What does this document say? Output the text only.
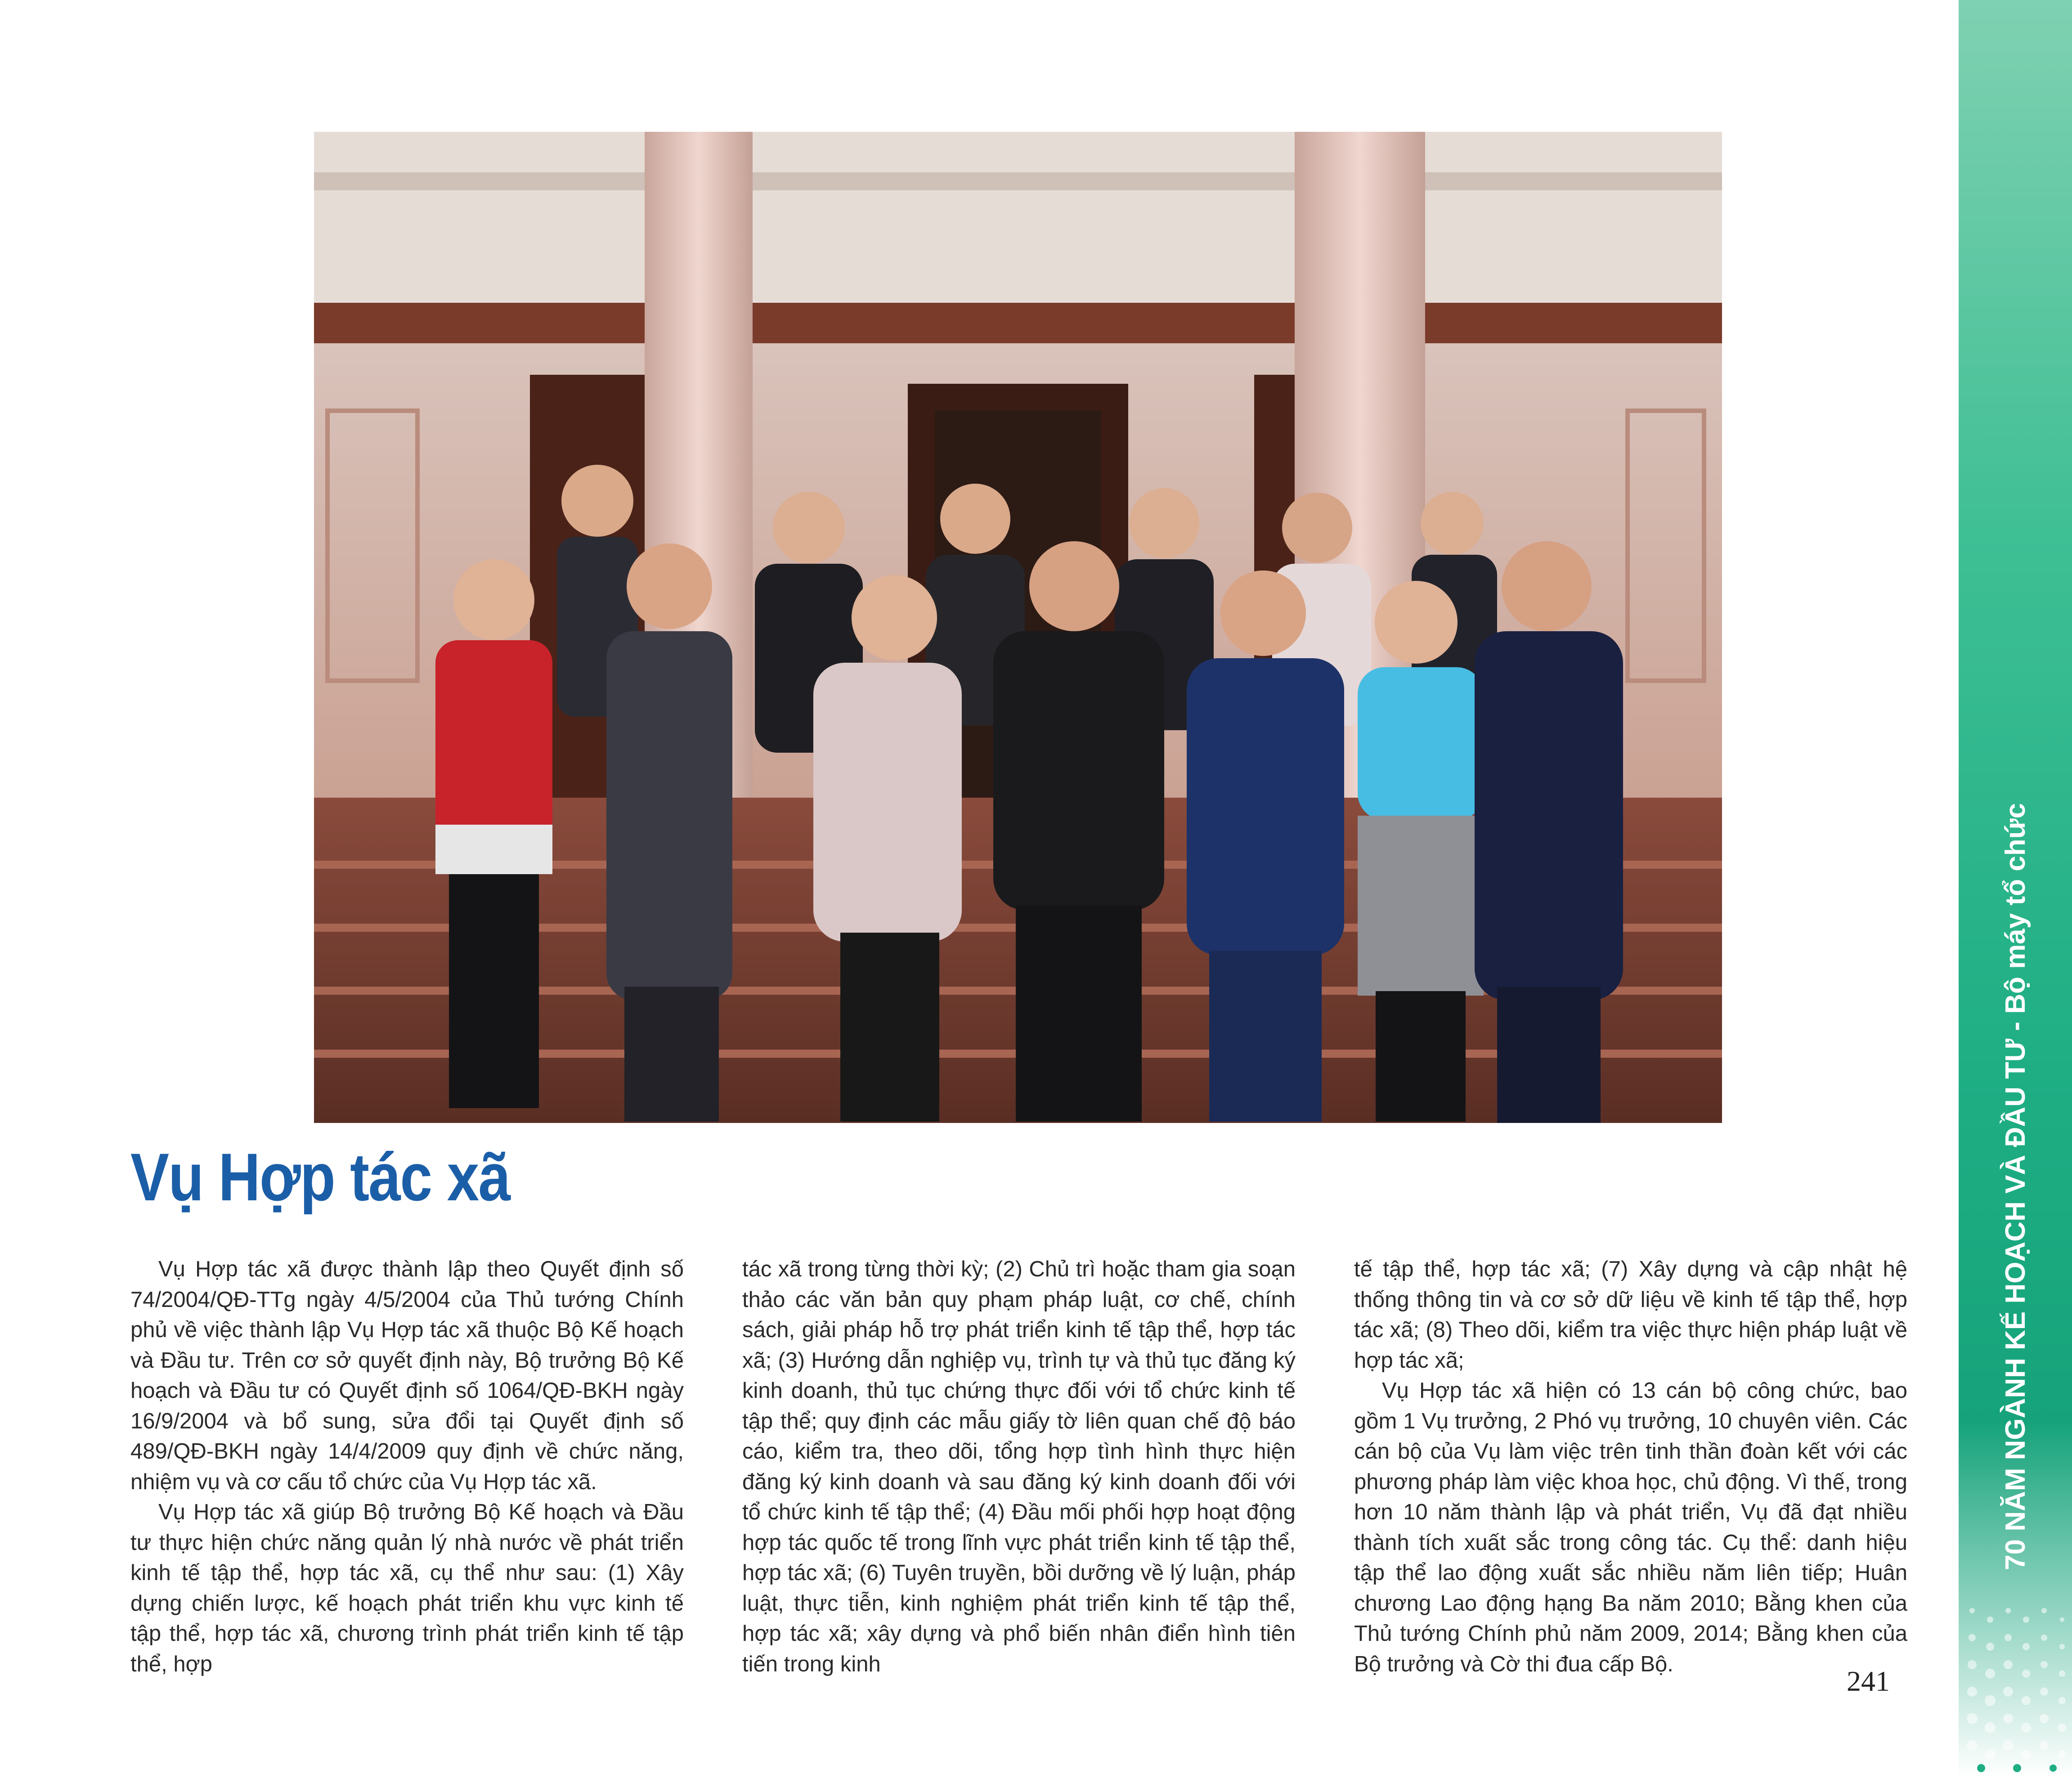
Vụ Hợp tác xã

Vụ Hợp tác xã được thành lập theo Quyết định số 74/2004/QĐ-TTg ngày 4/5/2004 của Thủ tướng Chính phủ về việc thành lập Vụ Hợp tác xã thuộc Bộ Kế hoạch và Đầu tư. Trên cơ sở quyết định này, Bộ trưởng Bộ Kế hoạch và Đầu tư có Quyết định số 1064/QĐ-BKH ngày 16/9/2004 và bổ sung, sửa đổi tại Quyết định số 489/QĐ-BKH ngày 14/4/2009 quy định về chức năng, nhiệm vụ và cơ cấu tổ chức của Vụ Hợp tác xã.

Vụ Hợp tác xã giúp Bộ trưởng Bộ Kế hoạch và Đầu tư thực hiện chức năng quản lý nhà nước về phát triển kinh tế tập thể, hợp tác xã, cụ thể như sau: (1) Xây dựng chiến lược, kế hoạch phát triển khu vực kinh tế tập thể, hợp tác xã, chương trình phát triển kinh tế tập thể, hợp

tác xã trong từng thời kỳ; (2) Chủ trì hoặc tham gia soạn thảo các văn bản quy phạm pháp luật, cơ chế, chính sách, giải pháp hỗ trợ phát triển kinh tế tập thể, hợp tác xã; (3) Hướng dẫn nghiệp vụ, trình tự và thủ tục đăng ký kinh doanh, thủ tục chứng thực đối với tổ chức kinh tế tập thể; quy định các mẫu giấy tờ liên quan chế độ báo cáo, kiểm tra, theo dõi, tổng hợp tình hình thực hiện đăng ký kinh doanh và sau đăng ký kinh doanh đối với tổ chức kinh tế tập thể; (4) Đầu mối phối hợp hoạt động hợp tác quốc tế trong lĩnh vực phát triển kinh tế tập thể, hợp tác xã; (6) Tuyên truyền, bồi dưỡng về lý luận, pháp luật, thực tiễn, kinh nghiệm phát triển kinh tế tập thể, hợp tác xã; xây dựng và phổ biến nhân điển hình tiên tiến trong kinh

tế tập thể, hợp tác xã; (7) Xây dựng và cập nhật hệ thống thông tin và cơ sở dữ liệu về kinh tế tập thể, hợp tác xã; (8) Theo dõi, kiểm tra việc thực hiện pháp luật về hợp tác xã;

Vụ Hợp tác xã hiện có 13 cán bộ công chức, bao gồm 1 Vụ trưởng, 2 Phó vụ trưởng, 10 chuyên viên. Các cán bộ của Vụ làm việc trên tinh thần đoàn kết với các phương pháp làm việc khoa học, chủ động. Vì thế, trong hơn 10 năm thành lập và phát triển, Vụ đã đạt nhiều thành tích xuất sắc trong công tác. Cụ thể: danh hiệu tập thể lao động xuất sắc nhiều năm liên tiếp; Huân chương Lao động hạng Ba năm 2010; Bằng khen của Thủ tướng Chính phủ năm 2009, 2014; Bằng khen của Bộ trưởng và Cờ thi đua cấp Bộ.

241
70 NĂM NGÀNH KẾ HOẠCH VÀ ĐẦU TƯ - Bộ máy tổ chức
